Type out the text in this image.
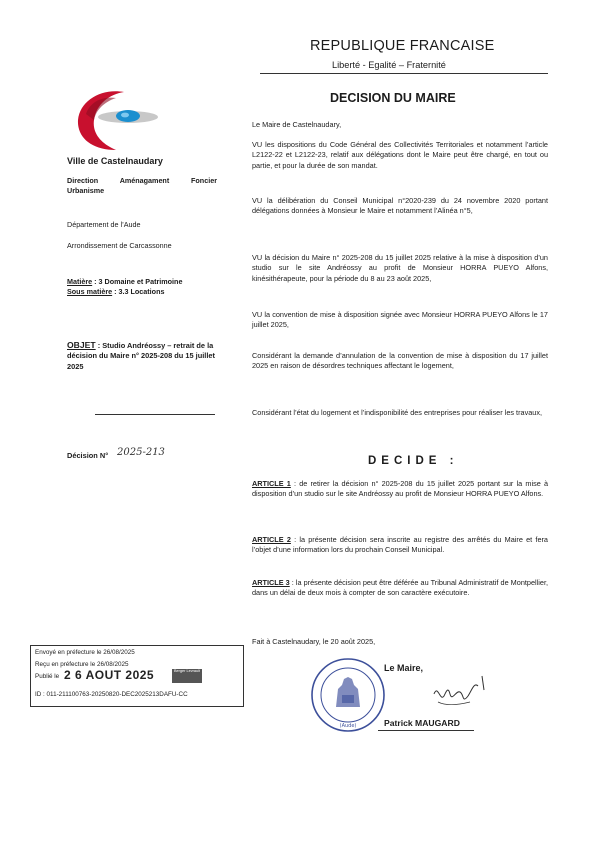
REPUBLIQUE FRANCAISE
Liberté - Egalité – Fraternité
DECISION DU MAIRE
Ville de Castelnaudary
Direction Aménagament Foncier
Urbanisme
Département de l’Aude
Arrondissement de Carcassonne
Matière : 3 Domaine et Patrimoine
Sous matière : 3.3 Locations
OBJET : Studio Andréossy – retrait de la décision du Maire n° 2025-208 du 15 juillet 2025
Décision N° 2025-213
Le Maire de Castelnaudary,
VU les dispositions du Code Général des Collectivités Territoriales et notamment l’article L2122-22 et L2122-23, relatif aux délégations dont le Maire peut être chargé, en tout ou partie, et pour la durée de son mandat.
VU la délibération du Conseil Municipal n°2020-239 du 24 novembre 2020 portant délégations données à Monsieur le Maire et notamment l’Alinéa n°5,
VU la décision du Maire n° 2025-208 du 15 juillet 2025 relative à la mise à disposition d’un studio sur le site Andréossy au profit de Monsieur HORRA PUEYO Alfons, kinésithérapeute, pour la période du 8 au 23 août 2025,
VU la convention de mise à disposition signée avec Monsieur HORRA PUEYO Alfons le 17 juillet 2025,
Considérant la demande d’annulation de la convention de mise à disposition du 17 juillet 2025 en raison de désordres techniques affectant le logement,
Considérant l’état du logement et l’indisponibilité des entreprises pour réaliser les travaux,
DECIDE :
ARTICLE 1 : de retirer la décision n° 2025-208 du 15 juillet 2025 portant sur la mise à disposition d’un studio sur le site Andréossy au profit de Monsieur HORRA PUEYO Alfons.
ARTICLE 2 : la présente décision sera inscrite au registre des arrêtés du Maire et fera l’objet d’une information lors du prochain Conseil Municipal.
ARTICLE 3 : la présente décision peut être déférée au Tribunal Administratif de Montpellier, dans un délai de deux mois à compter de son caractère exécutoire.
Fait à Castelnaudary, le 20 août 2025,
(Aude)
Le Maire,
Patrick MAUGARD
Envoyé en préfecture le 26/08/2025
Reçu en préfecture le 26/08/2025
Publié le 2 6 AOUT 2025	Berger Levrault
ID : 011-211100763-20250820-DEC2025213DAFU-CC
